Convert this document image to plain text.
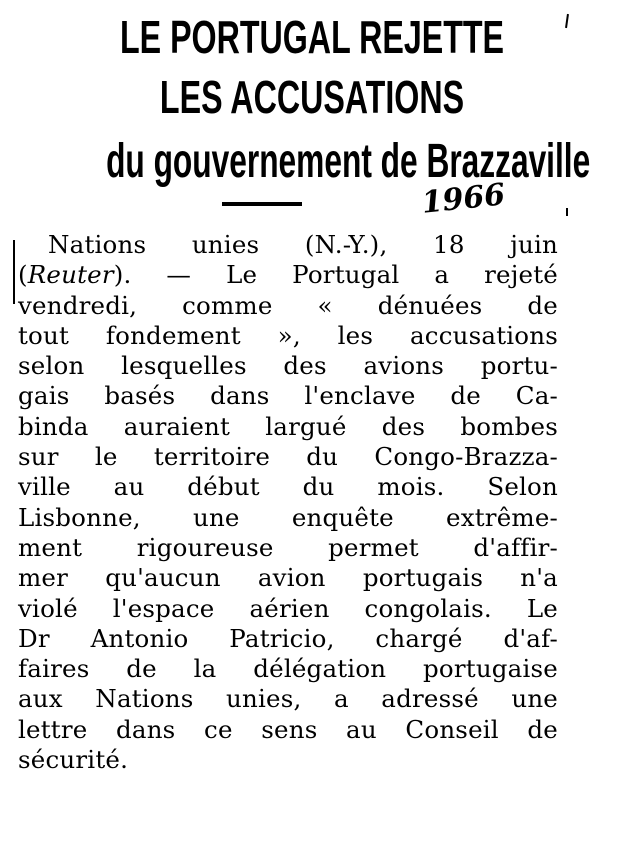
LE PORTUGAL REJETTE
LES ACCUSATIONS
du gouvernement de Brazzaville
1966
Nations unies (N.-Y.), 18 juin
(Reuter). — Le Portugal a rejeté
vendredi, comme « dénuées de
tout fondement », les accusations
selon lesquelles des avions portu-
gais basés dans l'enclave de Ca-
binda auraient largué des bombes
sur le territoire du Congo-Brazza-
ville au début du mois. Selon
Lisbonne, une enquête extrême-
ment rigoureuse permet d'affir-
mer qu'aucun avion portugais n'a
violé l'espace aérien congolais. Le
Dr Antonio Patricio, chargé d'af-
faires de la délégation portugaise
aux Nations unies, a adressé une
lettre dans ce sens au Conseil de
sécurité.
